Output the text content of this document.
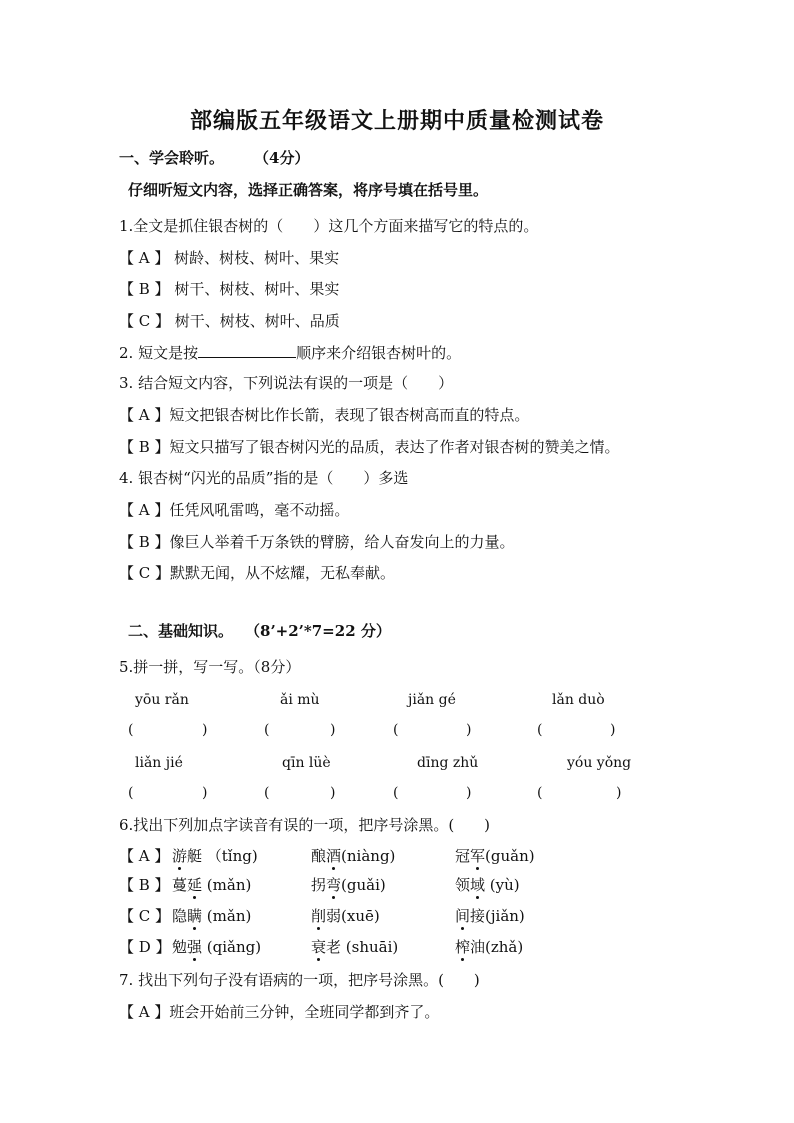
部编版五年级语文上册期中质量检测试卷
一、学会聆听。 （4分）
仔细听短文内容，选择正确答案，将序号填在括号里。
1.全文是抓住银杏树的（　　）这几个方面来描写它的特点的。
【 A 】 树龄、树枝、树叶、果实
【 B 】 树干、树枝、树叶、果实
【 C 】 树干、树枝、树叶、品质
2. 短文是按	顺序来介绍银杏树叶的。
3. 结合短文内容，下列说法有误的一项是（　　）
【 A 】短文把银杏树比作长箭，表现了银杏树高而直的特点。
【 B 】短文只描写了银杏树闪光的品质，表达了作者对银杏树的赞美之情。
4. 银杏树“闪光的品质”指的是（　　）多选
【 A 】任凭风吼雷鸣，毫不动摇。
【 B 】像巨人举着千万条铁的臂膀，给人奋发向上的力量。
【 C 】默默无闻，从不炫耀，无私奉献。
二、基础知识。 （8’+2’*7=22 分）
5.拼一拼，写一写。（8分）
yōu rǎn	ǎi mù	jiǎn gé	lǎn duò
(	)	(	)	(	)	(	)
liǎn jié	qīn lüè	dīng zhǔ	yóu yǒng
(	)	(	)	(	)	(	)
6.找出下列加点字读音有误的一项，把序号涂黑。(　　)
【 A 】 游艇 （tǐng)	酿酒(niàng)	冠军(guǎn)
【 B 】 蔓延 (mǎn)	拐弯(guǎi)	领域 (yù)
【 C 】 隐瞒 (mǎn)	削弱(xuē)	间接(jiǎn)
【 D 】 勉强 (qiǎng)	衰老 (shuāi)	榨油(zhǎ)
7. 找出下列句子没有语病的一项，把序号涂黑。(　　)
【 A 】班会开始前三分钟，全班同学都到齐了。
